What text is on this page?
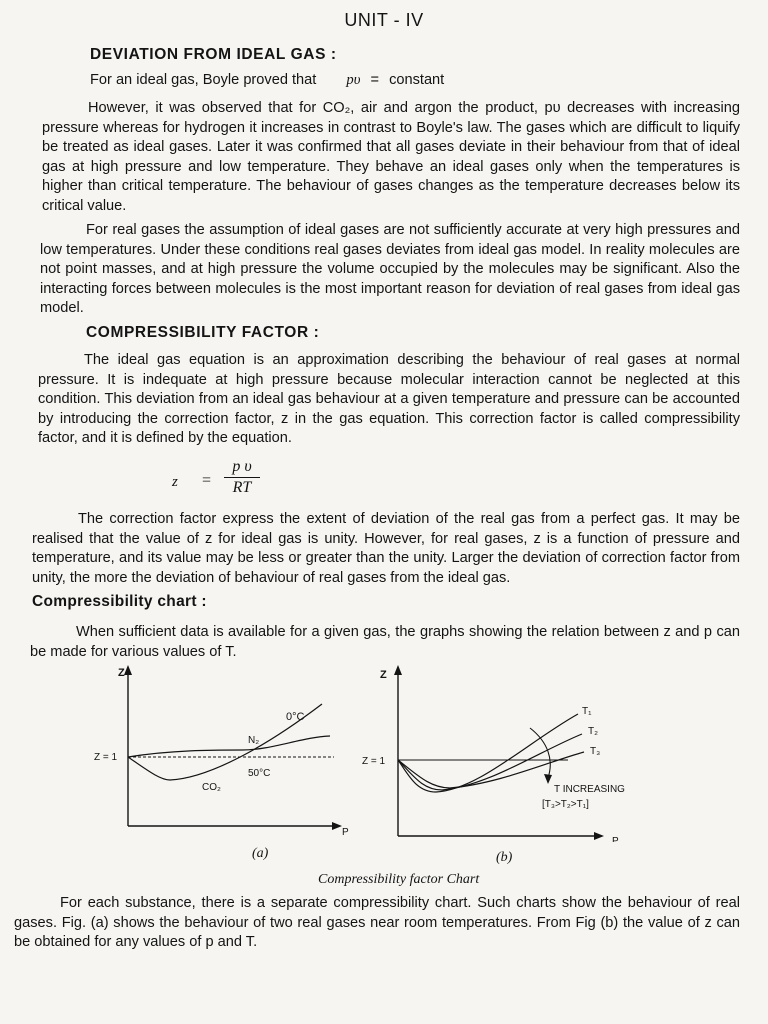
UNIT - IV
DEVIATION FROM IDEAL GAS :
For an ideal gas, Boyle proved that pυ = constant

However, it was observed that for CO₂, air and argon the product, pυ decreases with increasing pressure whereas for hydrogen it increases in contrast to Boyle's law. The gases which are difficult to liquify be treated as ideal gases. Later it was confirmed that all gases deviate in their behaviour from that of ideal gas at high pressure and low temperature. They behave an ideal gases only when the temperatures is higher than critical temperature. The behaviour of gases changes as the temperature decreases below its critical value.

For real gases the assumption of ideal gases are not sufficiently accurate at very high pressures and low temperatures. Under these conditions real gases deviates from ideal gas model. In reality molecules are not point masses, and at high pressure the volume occupied by the molecules may be significant. Also the interacting forces between molecules is the most important reason for deviation of real gases from ideal gas model.

COMPRESSIBILITY FACTOR :

The ideal gas equation is an approximation describing the behaviour of real gases at normal pressure. It is indequate at high pressure because molecular interaction cannot be neglected at this condition. This deviation from an ideal gas behaviour at a given temperature and pressure can be accounted by introducing the correction factor, z in the gas equation. This correction factor is called compressibility factor, and it is defined by the equation.

$z = \frac{\text{p υ}}{RT}$

The correction factor express the extent of deviation of the real gas from a perfect gas. It may be realised that the value of z for ideal gas is unity. However, for real gases, z is a function of pressure and temperature, and its value may be less or greater than the unity. Larger the deviation of correction factor from unity, the more the deviation of behaviour of real gases from the ideal gas.

Compressibility chart :

When sufficient data is available for a given gas, the graphs showing the relation between z and p can be made for various values of T.

Z
P
Z = 1
N₂
CO₂
0°C
50°C
(a)
Z
P
Z = 1
T₁
T₂
T₃
T INCREASING
[T₃>T₂>T₁]
(b)
Compressibility factor Chart

For each substance, there is a separate compressibility chart. Such charts show the behaviour of real gases. Fig. (a) shows the behaviour of two real gases near room temperatures. From Fig (b) the value of z can be obtained for any values of p and T.
